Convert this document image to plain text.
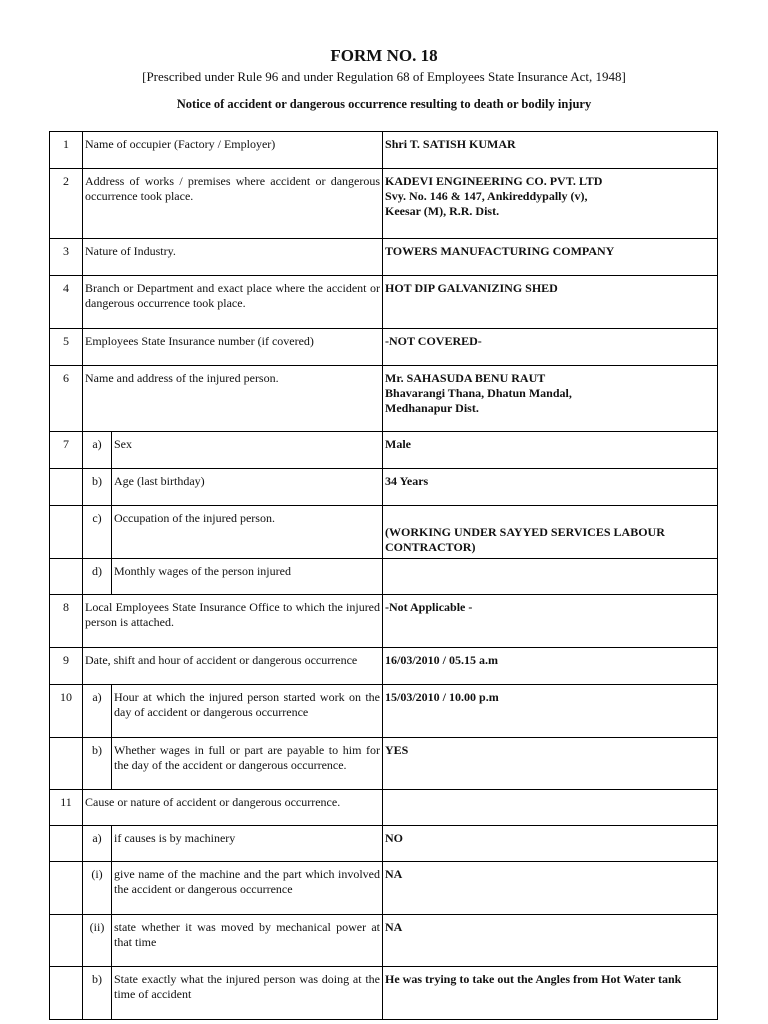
FORM NO. 18
[Prescribed under Rule 96 and under Regulation 68 of Employees State Insurance Act, 1948]
Notice of accident or dangerous occurrence resulting to death or bodily injury
1	Name of occupier (Factory / Employer)		Shri T. SATISH KUMAR
2	Address of works / premises where accident or dangerous occurrence took place.		KADEVI ENGINEERING CO. PVT. LTD
Svy. No. 146 & 147, Ankireddypally (v),
Keesar (M), R.R. Dist.

3	Nature of Industry.		TOWERS MANUFACTURING COMPANY
4	Branch or Department and exact place where the accident or dangerous occurrence took place.		HOT DIP GALVANIZING SHED
5	Employees State Insurance number (if covered)		-NOT COVERED-
6	Name and address of the injured person.		Mr. SAHASUDA BENU RAUT
Bhavarangi Thana, Dhatun Mandal,
Medhanapur Dist.

7	a)	Sex	Male
	b)	Age (last birthday)	34 Years
	c)	Occupation of the injured person.	(WORKING UNDER SAYYED SERVICES LABOUR CONTRACTOR)
	d)	Monthly wages of the person injured	
8	Local Employees State Insurance Office to which the injured person is attached.		-Not Applicable -
9	Date, shift and hour of accident or dangerous occurrence		16/03/2010 / 05.15 a.m
10	a)	Hour at which the injured person started work on the day of accident or dangerous occurrence	15/03/2010 / 10.00 p.m
	b)	Whether wages in full or part are payable to him for the day of the accident or dangerous occurrence.	YES
11	Cause or nature of accident or dangerous occurrence.		
	a)	if causes is by machinery	NO
	(i)	give name of the machine and the part which involved the accident or dangerous occurrence	NA
	(ii)	state whether it was moved by mechanical power at that time	NA
	b)	State exactly what the injured person was doing at the time of accident	He was trying to take out the Angles from Hot Water tank
